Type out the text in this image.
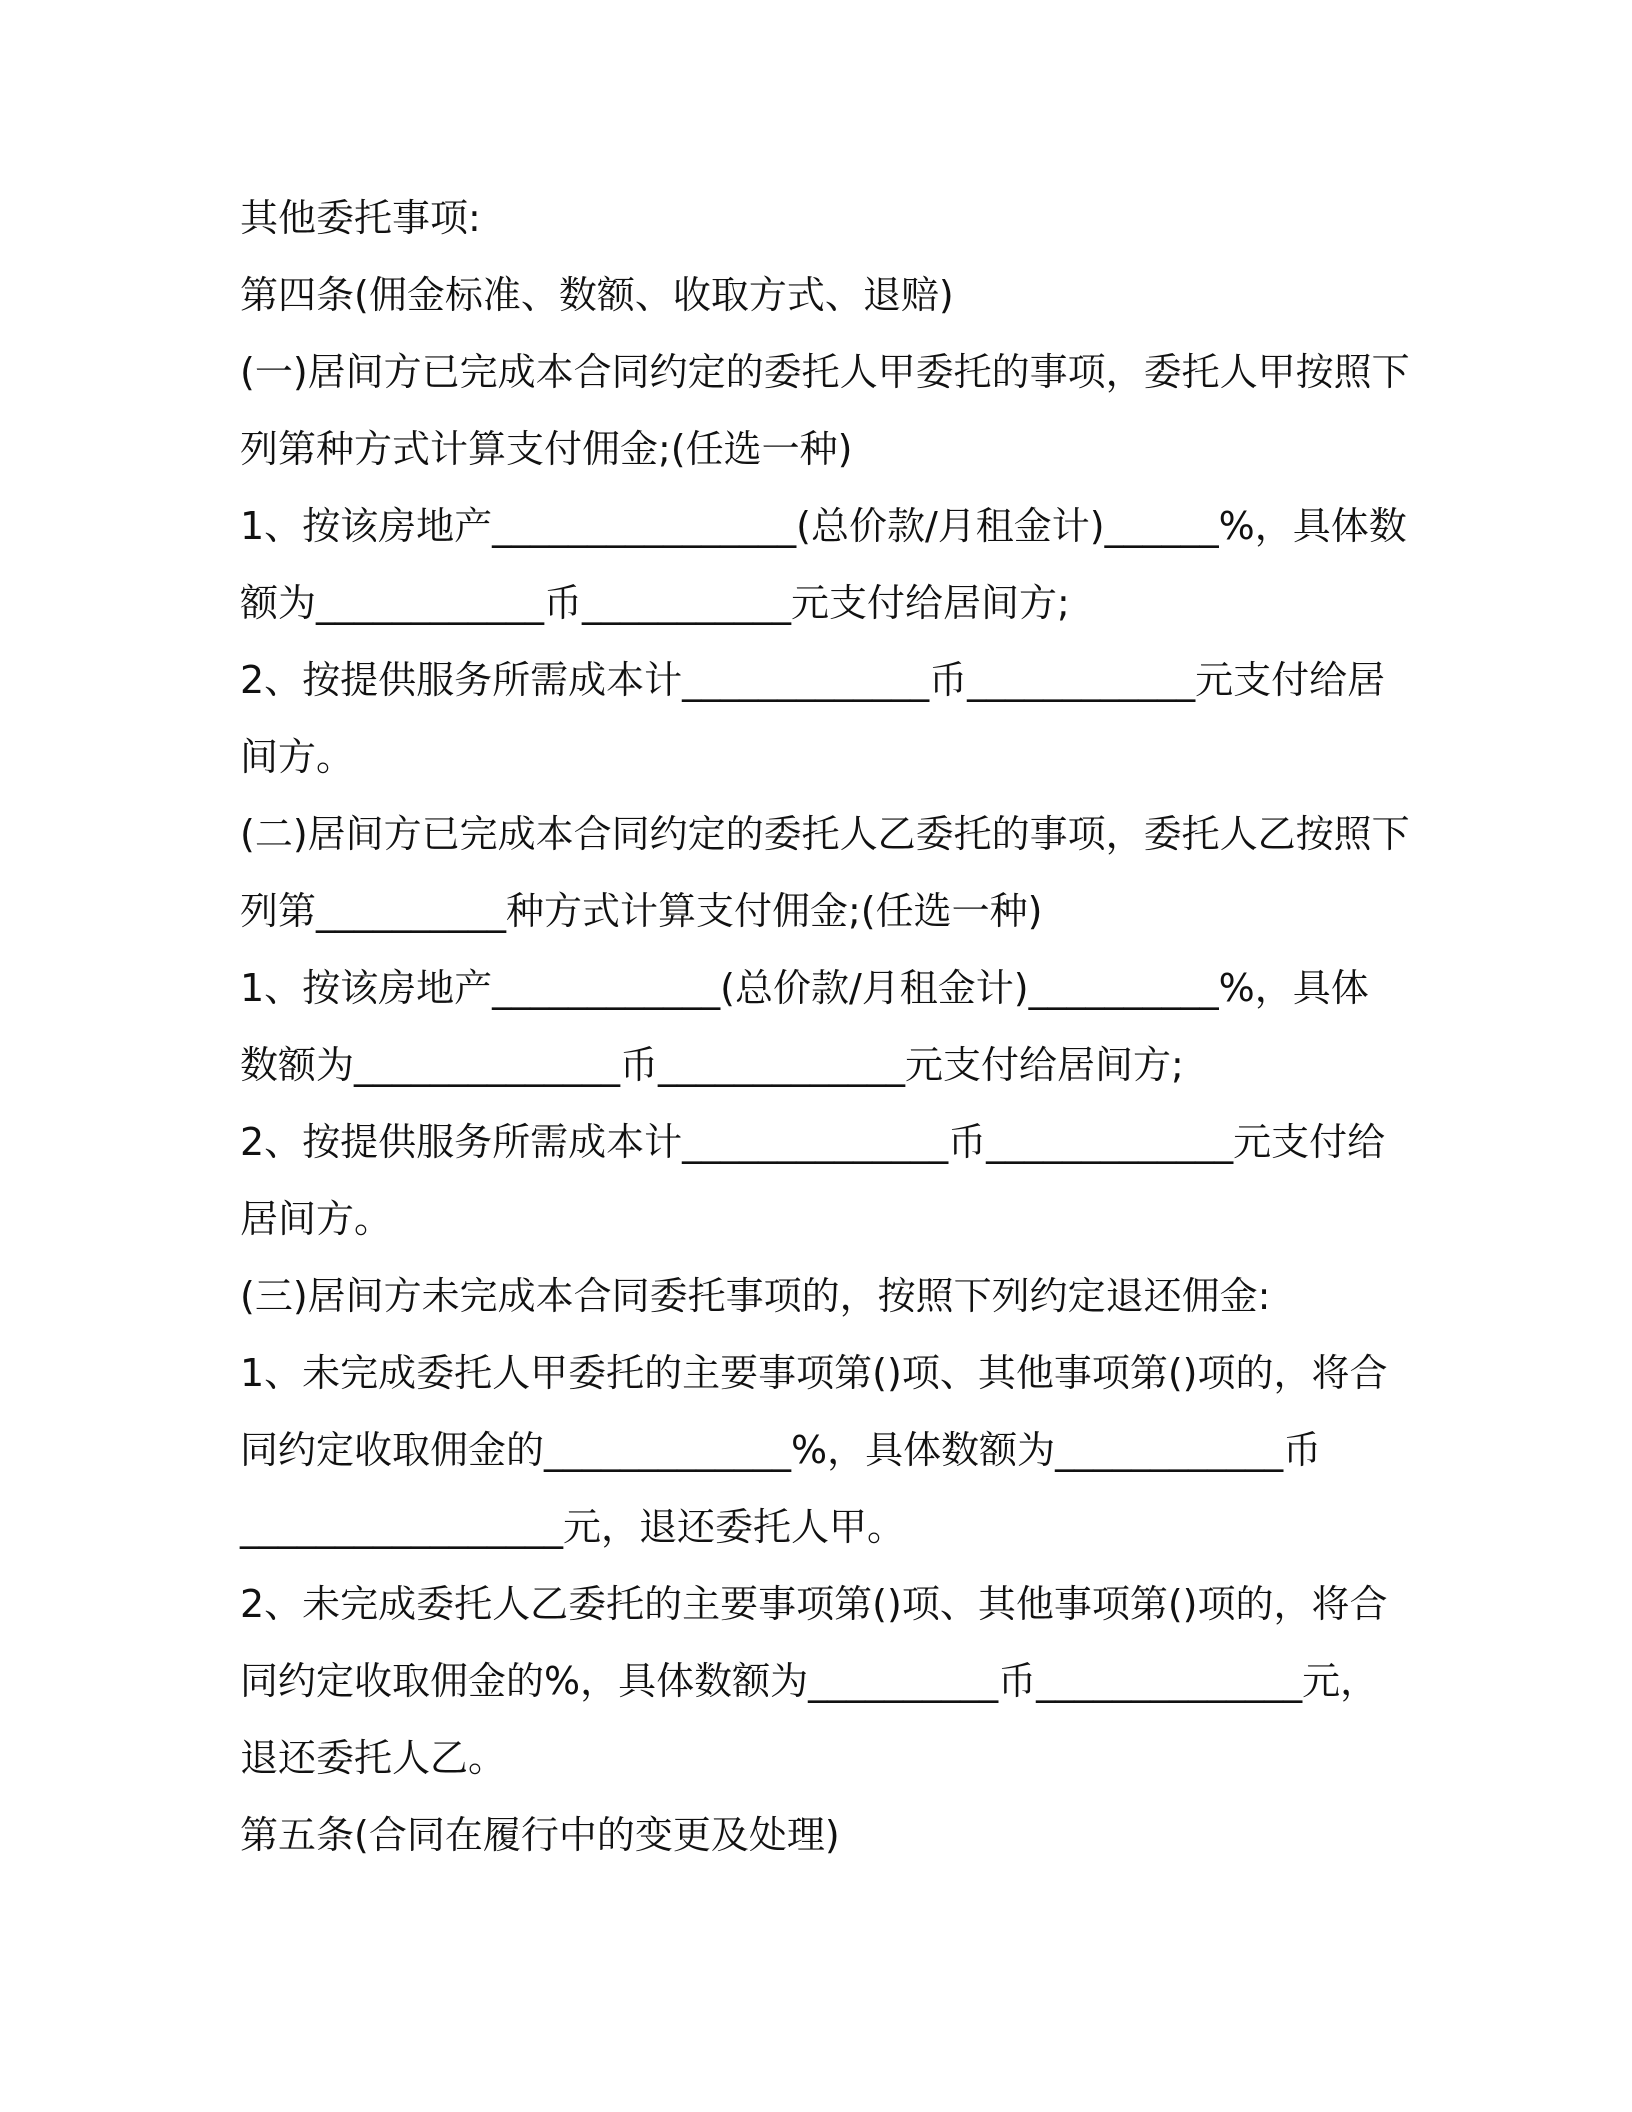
其他委托事项:
第四条(佣金标准、数额、收取方式、退赔)
(一)居间方已完成本合同约定的委托人甲委托的事项，委托人甲按照下
列第种方式计算支付佣金;(任选一种)
1、按该房地产________________(总价款/月租金计)______%，具体数
额为____________币___________元支付给居间方;
2、按提供服务所需成本计_____________币____________元支付给居
间方。
(二)居间方已完成本合同约定的委托人乙委托的事项，委托人乙按照下
列第__________种方式计算支付佣金;(任选一种)
1、按该房地产____________(总价款/月租金计)__________%，具体
数额为______________币_____________元支付给居间方;
2、按提供服务所需成本计______________币_____________元支付给
居间方。
(三)居间方未完成本合同委托事项的，按照下列约定退还佣金:
1、未完成委托人甲委托的主要事项第()项、其他事项第()项的，将合
同约定收取佣金的_____________%，具体数额为____________币
_________________元，退还委托人甲。
2、未完成委托人乙委托的主要事项第()项、其他事项第()项的，将合
同约定收取佣金的%，具体数额为__________币______________元，
退还委托人乙。
第五条(合同在履行中的变更及处理)
